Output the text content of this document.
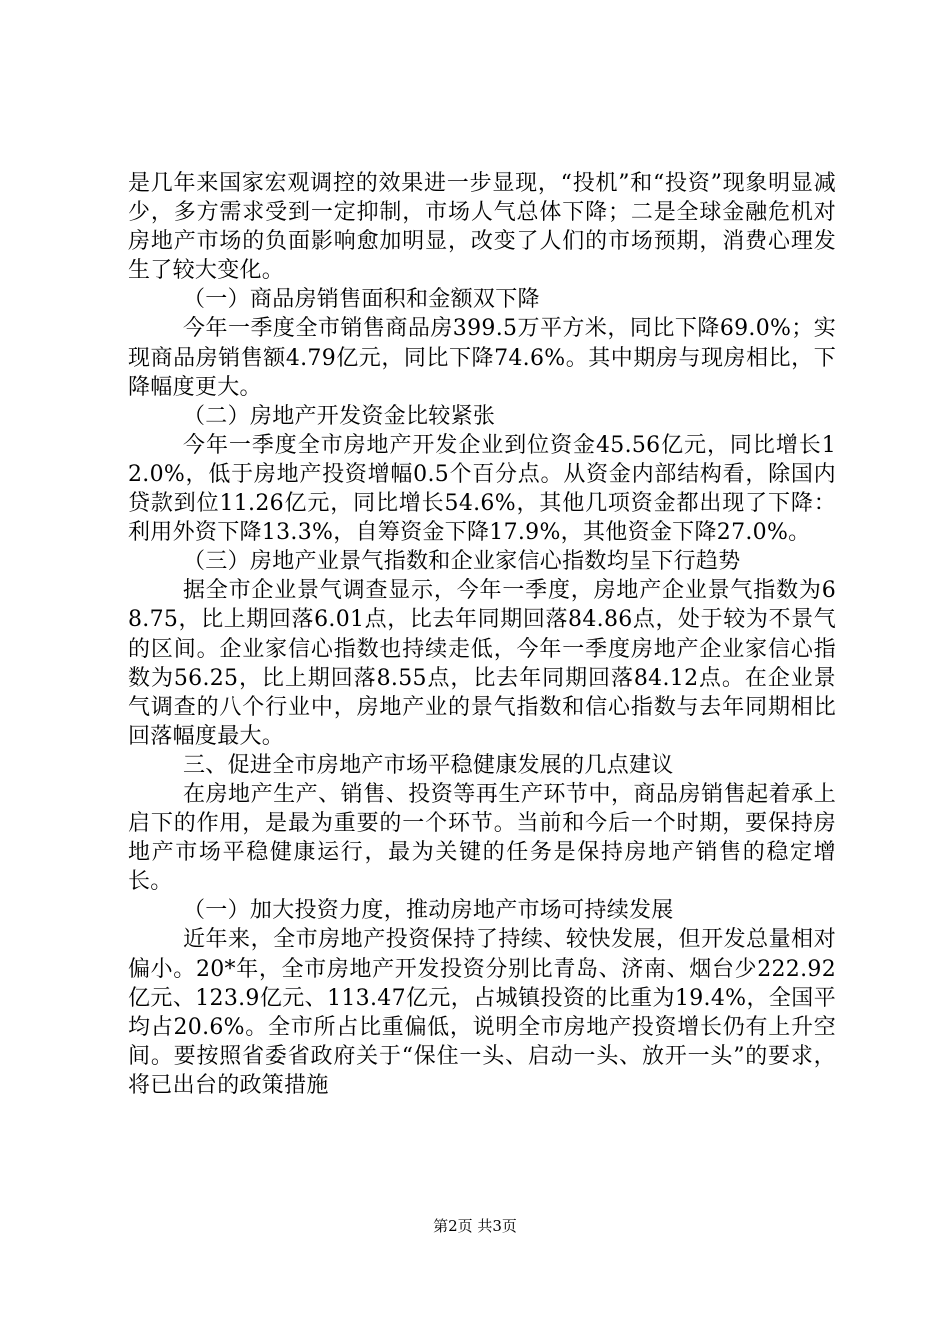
是几年来国家宏观调控的效果进一步显现，“投机”和“投资”现象明显减少，多方需求受到一定抑制，市场人气总体下降；二是全球金融危机对房地产市场的负面影响愈加明显，改变了人们的市场预期，消费心理发生了较大变化。

（一）商品房销售面积和金额双下降

今年一季度全市销售商品房399.5万平方米，同比下降69.0%；实现商品房销售额4.79亿元，同比下降74.6%。其中期房与现房相比，下降幅度更大。

（二）房地产开发资金比较紧张

今年一季度全市房地产开发企业到位资金45.56亿元，同比增长12.0%，低于房地产投资增幅0.5个百分点。从资金内部结构看，除国内贷款到位11.26亿元，同比增长54.6%，其他几项资金都出现了下降：利用外资下降13.3%，自筹资金下降17.9%，其他资金下降27.0%。

（三）房地产业景气指数和企业家信心指数均呈下行趋势

据全市企业景气调查显示，今年一季度，房地产企业景气指数为68.75，比上期回落6.01点，比去年同期回落84.86点，处于较为不景气的区间。企业家信心指数也持续走低，今年一季度房地产企业家信心指数为56.25，比上期回落8.55点，比去年同期回落84.12点。在企业景气调查的八个行业中，房地产业的景气指数和信心指数与去年同期相比回落幅度最大。

三、促进全市房地产市场平稳健康发展的几点建议

在房地产生产、销售、投资等再生产环节中，商品房销售起着承上启下的作用，是最为重要的一个环节。当前和今后一个时期，要保持房地产市场平稳健康运行，最为关键的任务是保持房地产销售的稳定增长。

（一）加大投资力度，推动房地产市场可持续发展

近年来，全市房地产投资保持了持续、较快发展，但开发总量相对偏小。20*年，全市房地产开发投资分别比青岛、济南、烟台少222.92亿元、123.9亿元、113.47亿元，占城镇投资的比重为19.4%，全国平均占20.6%。全市所占比重偏低，说明全市房地产投资增长仍有上升空间。要按照省委省政府关于“保住一头、启动一头、放开一头”的要求，将已出台的政策措施

第2页 共3页
